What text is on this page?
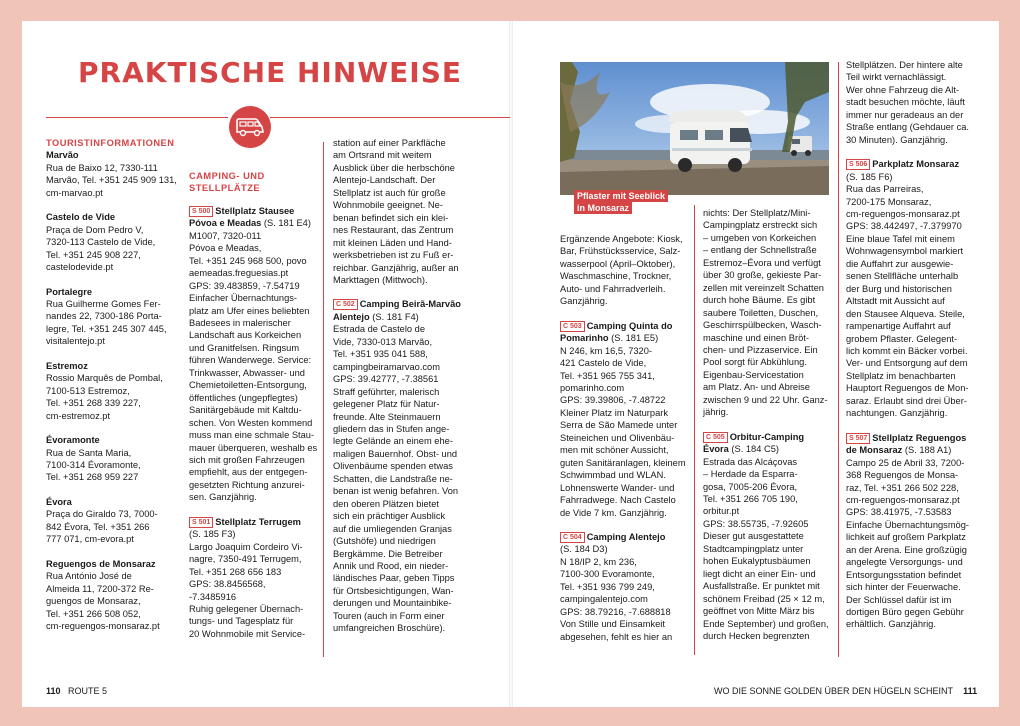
PRAKTISCHE HINWEISE
TOURISTINFORMATIONEN

Marvão

Rua de Baixo 12, 7330-111

Marvão, Tel. +351 245 909 131,

cm-marvao.pt

Castelo de Vide

Praça de Dom Pedro V,

7320-113 Castelo de Vide,

Tel. +351 245 908 227,

castelodevide.pt

Portalegre

Rua Guilherme Gomes Fer-

nandes 22, 7300-186 Porta-

legre, Tel. +351 245 307 445,

visitalentejo.pt

Estremoz

Rossio Marquês de Pombal,

7100-513 Estremoz,

Tel. +351 268 339 227,

cm-estremoz.pt

Évoramonte

Rua de Santa Maria,

7100-314 Évoramonte,

Tel. +351 268 959 227

Évora

Praça do Giraldo 73, 7000-

842 Évora, Tel. +351 266

777 071, cm-evora.pt

Reguengos de Monsaraz

Rua António José de

Almeida 11, 7200-372 Re-

guengos de Monsaraz,

Tel. +351 266 508 052,

cm-reguengos-monsaraz.pt

CAMPING- UND
STELLPLÄTZE

S 500 Stellplatz Stausee

Póvoa e Meadas (S. 181 E4)

M1007, 7320-011

Póvoa e Meadas,

Tel. +351 245 968 500, povo

aemeadas.freguesias.pt

GPS: 39.483859, -7.54719

Einfacher Übernachtungs-

platz am Ufer eines beliebten

Badesees in malerischer

Landschaft aus Korkeichen

und Granitfelsen. Ringsum

führen Wanderwege. Service:

Trinkwasser, Abwasser- und

Chemietoiletten-Entsorgung,

öffentliches (ungepflegtes)

Sanitärgebäude mit Kaltdu-

schen. Von Westen kommend

muss man eine schmale Stau-

mauer überqueren, weshalb es

sich mit großen Fahrzeugen

empfiehlt, aus der entgegen-

gesetzten Richtung anzurei-

sen. Ganzjährig.

S 501 Stellplatz Terrugem

(S. 185 F3)

Largo Joaquim Cordeiro Vi-

nagre, 7350-491 Terrugem,

Tel. +351 268 656 183

GPS: 38.8456568,

-7.3485916

Ruhig gelegener Übernach-

tungs- und Tagesplatz für

20 Wohnmobile mit Service-

station auf einer Parkfläche

am Ortsrand mit weitem

Ausblick über die herbschöne

Alentejo-Landschaft. Der

Stellplatz ist auch für große

Wohnmobile geeignet. Ne-

benan befindet sich ein klei-

nes Restaurant, das Zentrum

mit kleinen Läden und Hand-

werksbetrieben ist zu Fuß er-

reichbar. Ganzjährig, außer an

Markttagen (Mittwoch).

C 502 Camping Beirã-Marvão

Alentejo (S. 181 F4)

Estrada de Castelo de

Vide, 7330-013 Marvão,

Tel. +351 935 041 588,

campingbeiramarvao.com

GPS: 39.42777, -7.38561

Straff geführter, malerisch

gelegener Platz für Natur-

freunde. Alte Steinmauern

gliedern das in Stufen ange-

legte Gelände an einem ehe-

maligen Bauernhof. Obst- und

Olivenbäume spenden etwas

Schatten, die Landstraße ne-

benan ist wenig befahren. Von

den oberen Plätzen bietet

sich ein prächtiger Ausblick

auf die umliegenden Granjas

(Gutshöfe) und niedrigen

Bergkämme. Die Betreiber

Annik und Rood, ein nieder-

ländisches Paar, geben Tipps

für Ortsbesichtigungen, Wan-

derungen und Mountainbike-

Touren (auch in Form einer

umfangreichen Broschüre).

Pflaster mit Seeblick
in Monsaraz

Ergänzende Angebote: Kiosk,

Bar, Frühstücksservice, Salz-

wasserpool (April–Oktober),

Waschmaschine, Trockner,

Auto- und Fahrradverleih.

Ganzjährig.

C 503 Camping Quinta do

Pomarinho (S. 181 E5)

N 246, km 16,5, 7320-

421 Castelo de Vide,

Tel. +351 965 755 341,

pomarinho.com

GPS: 39.39806, -7.48722

Kleiner Platz im Naturpark

Serra de São Mamede unter

Steineichen und Olivenbäu-

men mit schöner Aussicht,

guten Sanitäranlagen, kleinem

Schwimmbad und WLAN.

Lohnenswerte Wander- und

Fahrradwege. Nach Castelo

de Vide 7 km. Ganzjährig.

C 504 Camping Alentejo

(S. 184 D3)

N 18/IP 2, km 236,

7100-300 Evoramonte,

Tel. +351 936 799 249,

campingalentejo.com

GPS: 38.79216, -7.688818

Von Stille und Einsamkeit

abgesehen, fehlt es hier an

nichts: Der Stellplatz/Mini-

Campingplatz erstreckt sich

– umgeben von Korkeichen

– entlang der Schnellstraße

Estremoz–Évora und verfügt

über 30 große, gekieste Par-

zellen mit vereinzelt Schatten

durch hohe Bäume. Es gibt

saubere Toiletten, Duschen,

Geschirrspülbecken, Wasch-

maschine und einen Bröt-

chen- und Pizzaservice. Ein

Pool sorgt für Abkühlung.

Eigenbau-Servicestation

am Platz. An- und Abreise

zwischen 9 und 22 Uhr. Ganz-

jährig.

C 505 Orbitur-Camping

Évora (S. 184 C5)

Estrada das Alcáçovas

– Herdade da Esparra-

gosa, 7005-206 Évora,

Tel. +351 266 705 190,

orbitur.pt

GPS: 38.55735, -7.92605

Dieser gut ausgestattete

Stadtcampingplatz unter

hohen Eukalyptusbäumen

liegt dicht an einer Ein- und

Ausfallstraße. Er punktet mit

schönem Freibad (25 × 12 m,

geöffnet von Mitte März bis

Ende September) und großen,

durch Hecken begrenzten

Stellplätzen. Der hintere alte

Teil wirkt vernachlässigt.

Wer ohne Fahrzeug die Alt-

stadt besuchen möchte, läuft

immer nur geradeaus an der

Straße entlang (Gehdauer ca.

30 Minuten). Ganzjährig.

S 506 Parkplatz Monsaraz

(S. 185 F6)

Rua das Parreiras,

7200-175 Monsaraz,

cm-reguengos-monsaraz.pt

GPS: 38.442497, -7.379970

Eine blaue Tafel mit einem

Wohnwagensymbol markiert

die Auffahrt zur ausgewie-

senen Stellfläche unterhalb

der Burg und historischen

Altstadt mit Aussicht auf

den Stausee Alqueva. Steile,

rampenartige Auffahrt auf

grobem Pflaster. Gelegent-

lich kommt ein Bäcker vorbei.

Ver- und Entsorgung auf dem

Stellplatz im benachbarten

Hauptort Reguengos de Mon-

saraz. Erlaubt sind drei Über-

nachtungen. Ganzjährig.

S 507 Stellplatz Reguengos

de Monsaraz (S. 188 A1)

Campo 25 de Abril 33, 7200-

368 Reguengos de Monsa-

raz, Tel. +351 266 502 228,

cm-reguengos-monsaraz.pt

GPS: 38.41975, -7.53583

Einfache Übernachtungsmög-

lichkeit auf großem Parkplatz

an der Arena. Eine großzügig

angelegte Versorgungs- und

Entsorgungsstation befindet

sich hinter der Feuerwache.

Der Schlüssel dafür ist im

dortigen Büro gegen Gebühr

erhältlich. Ganzjährig.

110 ROUTE 5	WO DIE SONNE GOLDEN ÜBER DEN HÜGELN SCHEINT 111
